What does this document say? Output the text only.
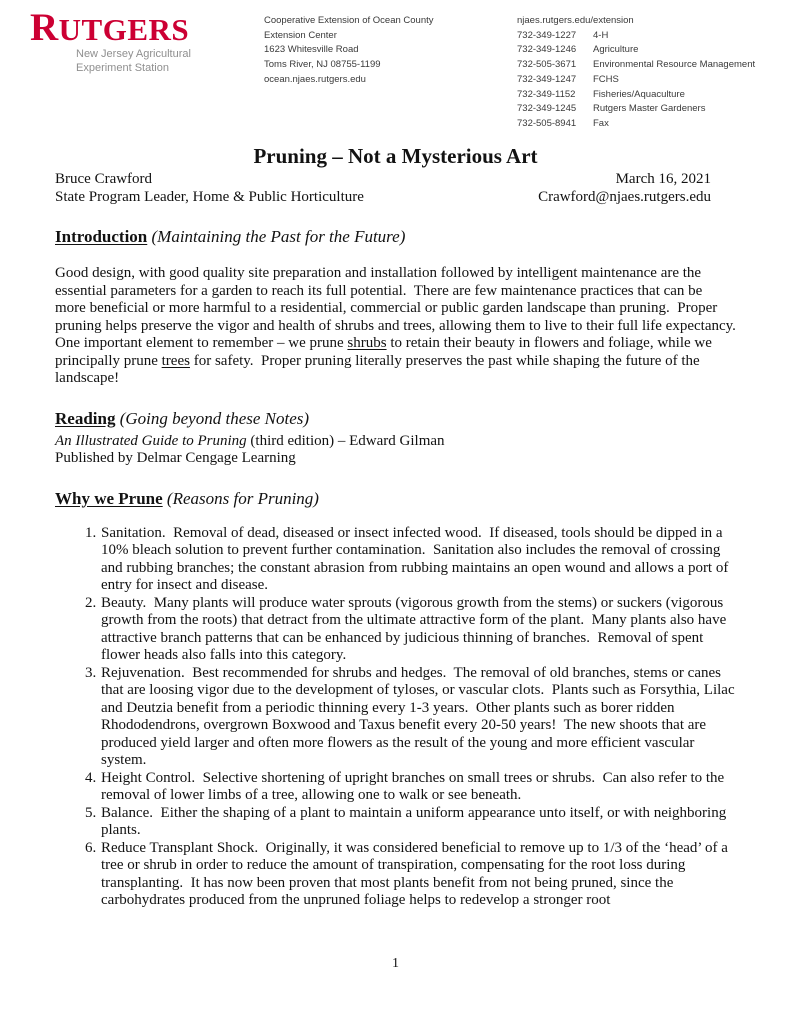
RUTGERS
New Jersey Agricultural
Experiment Station
Cooperative Extension of Ocean County
Extension Center
1623 Whitesville Road
Toms River, NJ 08755-1199
ocean.njaes.rutgers.edu
njaes.rutgers.edu/extension
732-349-1227	4-H
732-349-1246	Agriculture
732-505-3671	Environmental Resource Management
732-349-1247	FCHS
732-349-1152	Fisheries/Aquaculture
732-349-1245	Rutgers Master Gardeners
732-505-8941	Fax
Pruning – Not a Mysterious Art
Bruce Crawford	March 16, 2021
State Program Leader, Home & Public Horticulture	Crawford@njaes.rutgers.edu
Introduction (Maintaining the Past for the Future)

Good design, with good quality site preparation and installation followed by intelligent maintenance are the essential parameters for a garden to reach its full potential.  There are few maintenance practices that can be more beneficial or more harmful to a residential, commercial or public garden landscape than pruning.  Proper pruning helps preserve the vigor and health of shrubs and trees, allowing them to live to their full life expectancy.  One important element to remember – we prune shrubs to retain their beauty in flowers and foliage, while we principally prune trees for safety.  Proper pruning literally preserves the past while shaping the future of the landscape!

Reading (Going beyond these Notes)

An Illustrated Guide to Pruning (third edition) – Edward Gilman

Published by Delmar Cengage Learning

Why we Prune (Reasons for Pruning)
1. Sanitation.  Removal of dead, diseased or insect infected wood.  If diseased, tools should be dipped in a 10% bleach solution to prevent further contamination.  Sanitation also includes the removal of crossing and rubbing branches; the constant abrasion from rubbing maintains an open wound and allows a port of entry for insect and disease.
2. Beauty.  Many plants will produce water sprouts (vigorous growth from the stems) or suckers (vigorous growth from the roots) that detract from the ultimate attractive form of the plant.  Many plants also have attractive branch patterns that can be enhanced by judicious thinning of branches.  Removal of spent flower heads also falls into this category.
3. Rejuvenation.  Best recommended for shrubs and hedges.  The removal of old branches, stems or canes that are loosing vigor due to the development of tyloses, or vascular clots.  Plants such as Forsythia, Lilac and Deutzia benefit from a periodic thinning every 1-3 years.  Other plants such as borer ridden Rhododendrons, overgrown Boxwood and Taxus benefit every 20-50 years!  The new shoots that are produced yield larger and often more flowers as the result of the young and more efficient vascular system.
4. Height Control.  Selective shortening of upright branches on small trees or shrubs.  Can also refer to the removal of lower limbs of a tree, allowing one to walk or see beneath.
5. Balance.  Either the shaping of a plant to maintain a uniform appearance unto itself, or with neighboring plants.
6. Reduce Transplant Shock.  Originally, it was considered beneficial to remove up to 1/3 of the ‘head’ of a tree or shrub in order to reduce the amount of transpiration, compensating for the root loss during transplanting.  It has now been proven that most plants benefit from not being pruned, since the carbohydrates produced from the unpruned foliage helps to redevelop a stronger root
1
